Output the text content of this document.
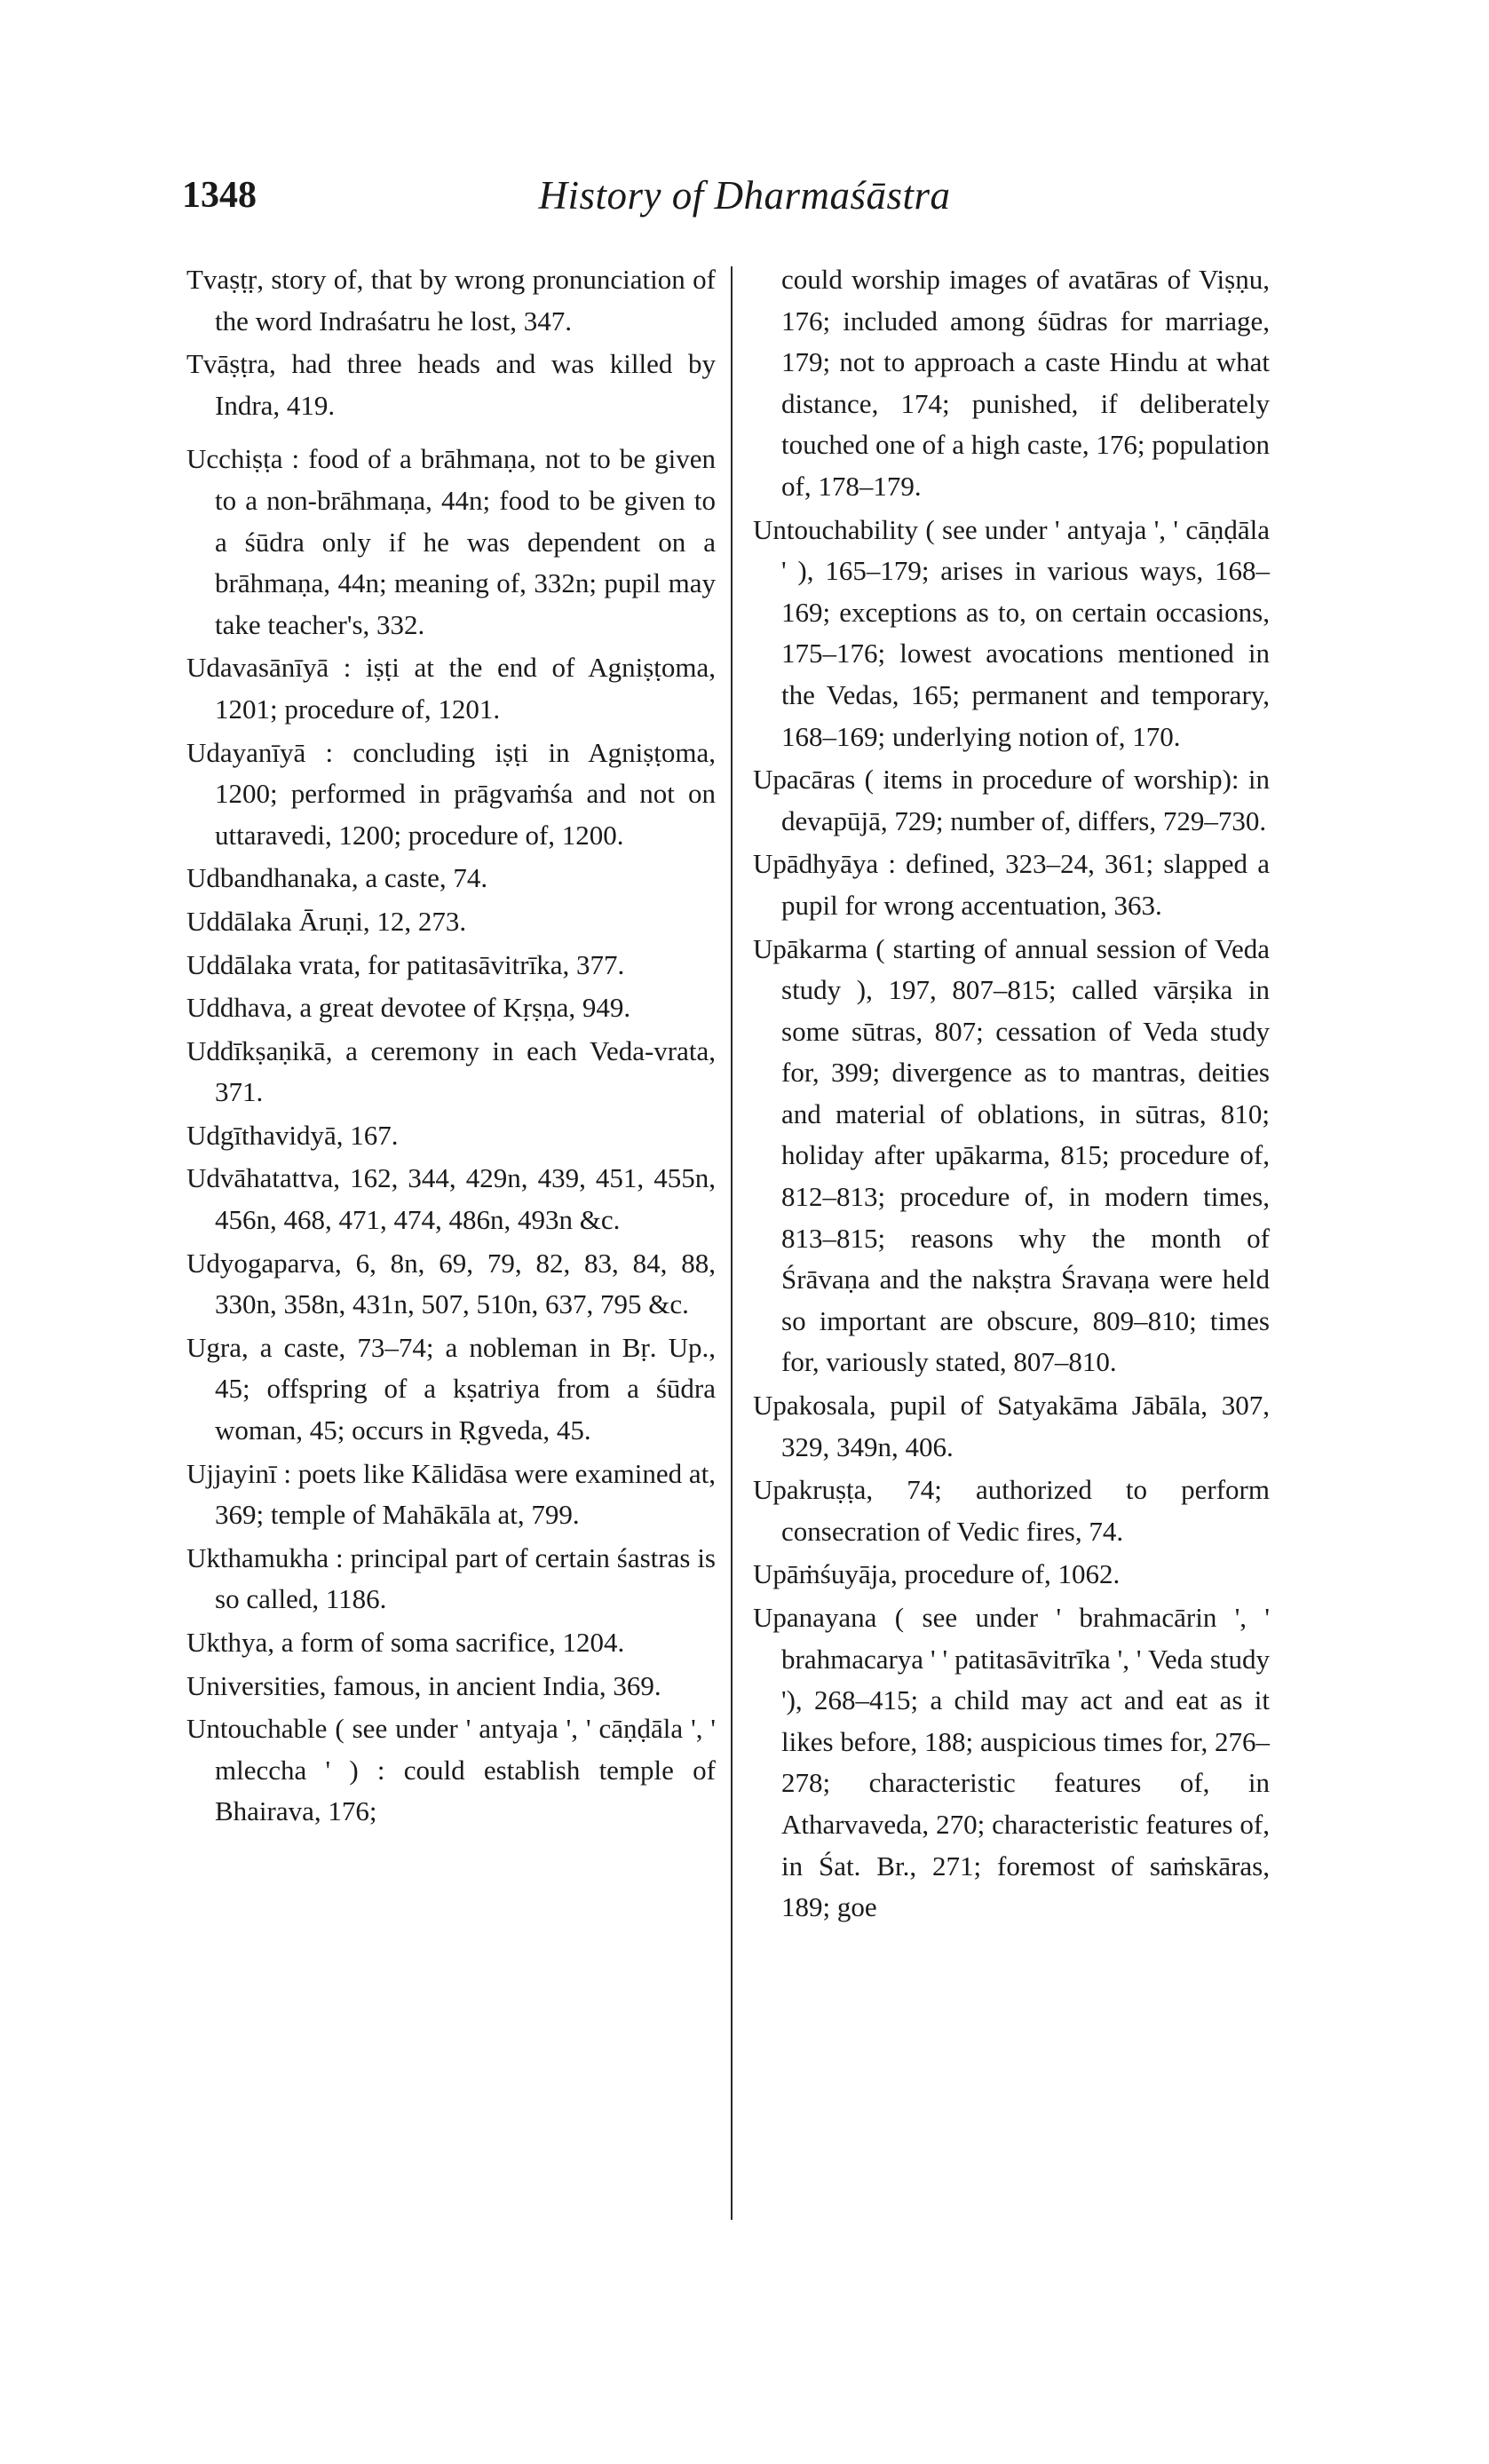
1348	History of Dharmaśāstra

Tvaṣṭṛ, story of, that by wrong pronunciation of the word Indraśatru he lost, 347.

Tvāṣṭra, had three heads and was killed by Indra, 419.

Ucchiṣṭa : food of a brāhmaṇa, not to be given to a non-brāhmaṇa, 44n; food to be given to a śūdra only if he was dependent on a brāhmaṇa, 44n; meaning of, 332n; pupil may take teacher's, 332.

Udavasānīyā : iṣṭi at the end of Agniṣṭoma, 1201; procedure of, 1201.

Udayanīyā : concluding iṣṭi in Agniṣṭoma, 1200; performed in prāgvaṁśa and not on uttaravedi, 1200; procedure of, 1200.

Udbandhanaka, a caste, 74.

Uddālaka Āruṇi, 12, 273.

Uddālaka vrata, for patitasāvitrīka, 377.

Uddhava, a great devotee of Kṛṣṇa, 949.

Uddīkṣaṇikā, a ceremony in each Veda-vrata, 371.

Udgīthavidyā, 167.

Udvāhatattva, 162, 344, 429n, 439, 451, 455n, 456n, 468, 471, 474, 486n, 493n &c.

Udyogaparva, 6, 8n, 69, 79, 82, 83, 84, 88, 330n, 358n, 431n, 507, 510n, 637, 795 &c.

Ugra, a caste, 73–74; a nobleman in Bṛ. Up., 45; offspring of a kṣatriya from a śūdra woman, 45; occurs in Ṛgveda, 45.

Ujjayinī : poets like Kālidāsa were examined at, 369; temple of Mahākāla at, 799.

Ukthamukha : principal part of certain śastras is so called, 1186.

Ukthya, a form of soma sacrifice, 1204.

Universities, famous, in ancient India, 369.

Untouchable ( see under ' antyaja ', ' cāṇḍāla ', ' mleccha ' ) : could establish temple of Bhairava, 176;

could worship images of avatāras of Viṣṇu, 176; included among śūdras for marriage, 179; not to approach a caste Hindu at what distance, 174; punished, if deliberately touched one of a high caste, 176; population of, 178–179.

Untouchability ( see under ' antyaja ', ' cāṇḍāla ' ), 165–179; arises in various ways, 168–169; exceptions as to, on certain occasions, 175–176; lowest avocations mentioned in the Vedas, 165; permanent and temporary, 168–169; underlying notion of, 170.

Upacāras ( items in procedure of worship): in devapūjā, 729; number of, differs, 729–730.

Upādhyāya : defined, 323–24, 361; slapped a pupil for wrong accentuation, 363.

Upākarma ( starting of annual session of Veda study ), 197, 807–815; called vārṣika in some sūtras, 807; cessation of Veda study for, 399; divergence as to mantras, deities and material of oblations, in sūtras, 810; holiday after upākarma, 815; procedure of, 812–813; procedure of, in modern times, 813–815; reasons why the month of Śrāvaṇa and the nakṣtra Śravaṇa were held so important are obscure, 809–810; times for, variously stated, 807–810.

Upakosala, pupil of Satyakāma Jābāla, 307, 329, 349n, 406.

Upakruṣṭa, 74; authorized to perform consecration of Vedic fires, 74.

Upāṁśuyāja, procedure of, 1062.

Upanayana ( see under ' brahmacārin ', ' brahmacarya ' ' patitasāvitrīka ', ' Veda study '), 268–415; a child may act and eat as it likes before, 188; auspicious times for, 276–278; characteristic features of, in Atharvaveda, 270; characteristic features of, in Śat. Br., 271; foremost of saṁskāras, 189; goe
